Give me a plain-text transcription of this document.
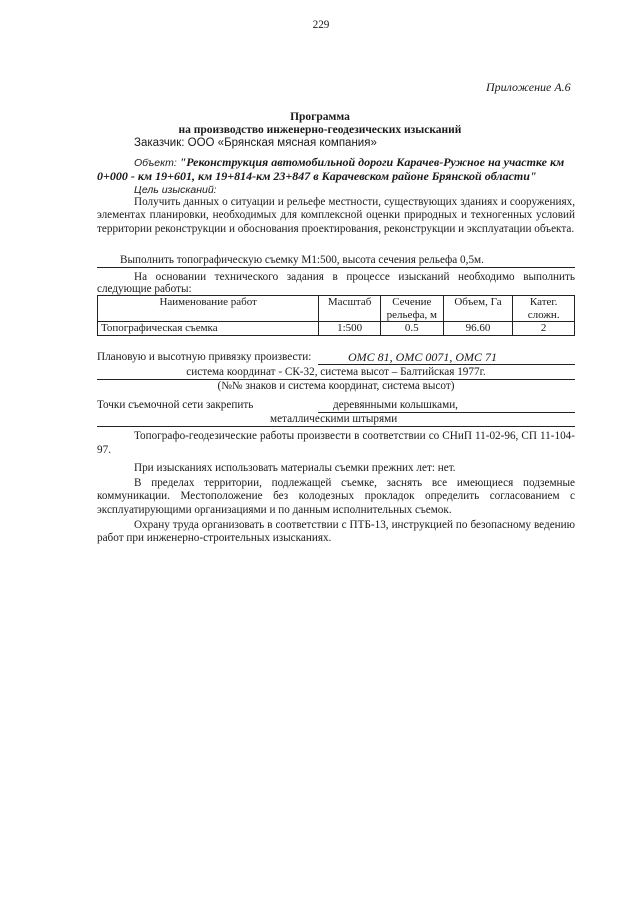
229
Приложение А.6
Программа
на производство инженерно-геодезических изысканий
Заказчик: ООО «Брянская мясная компания»
Объект: "Реконструкция автомобильной дороги Карачев-Ружное на участке км
0+000 - км 19+601, км 19+814-км 23+847 в Карачевском районе Брянской области"
Цель изысканий:
Получить данных о ситуации и рельефе местности, существующих зданиях и сооружениях, элементах планировки, необходимых для комплексной оценки природных и техногенных условий территории реконструкции и обоснования проектирования, реконструкции и эксплуатации объекта.
Выполнить топографическую съемку М1:500, высота сечения рельефа 0,5м.
На основании технического задания в процессе изысканий необходимо выполнить
следующие работы:
Наименование работ	Масштаб	Сечение рельефа, м	Объем, Га	Катег. сложн.
Топографическая съемка	1:500	0.5	96.60	2
Плановую и высотную привязку произвести:	ОМС 81, ОМС 0071, ОМС 71
система координат - СК-32, система высот – Балтийская 1977г.
(№№ знаков и система координат, система высот)
Точки съемочной сети закрепить	деревянными колышками,
металлическими штырями
Топографо-геодезические работы произвести в соответствии со СНиП 11-02-96, СП 11-104-97.
При изысканиях использовать материалы съемки прежних лет: нет.
В пределах территории, подлежащей съемке, заснять все имеющиеся подземные коммуникации. Местоположение без колодезных прокладок определить согласованием с эксплуатирующими организациями и по данным исполнительных съемок.
Охрану труда организовать в соответствии с ПТБ-13, инструкцией по безопасному ведению работ при инженерно-строительных изысканиях.
